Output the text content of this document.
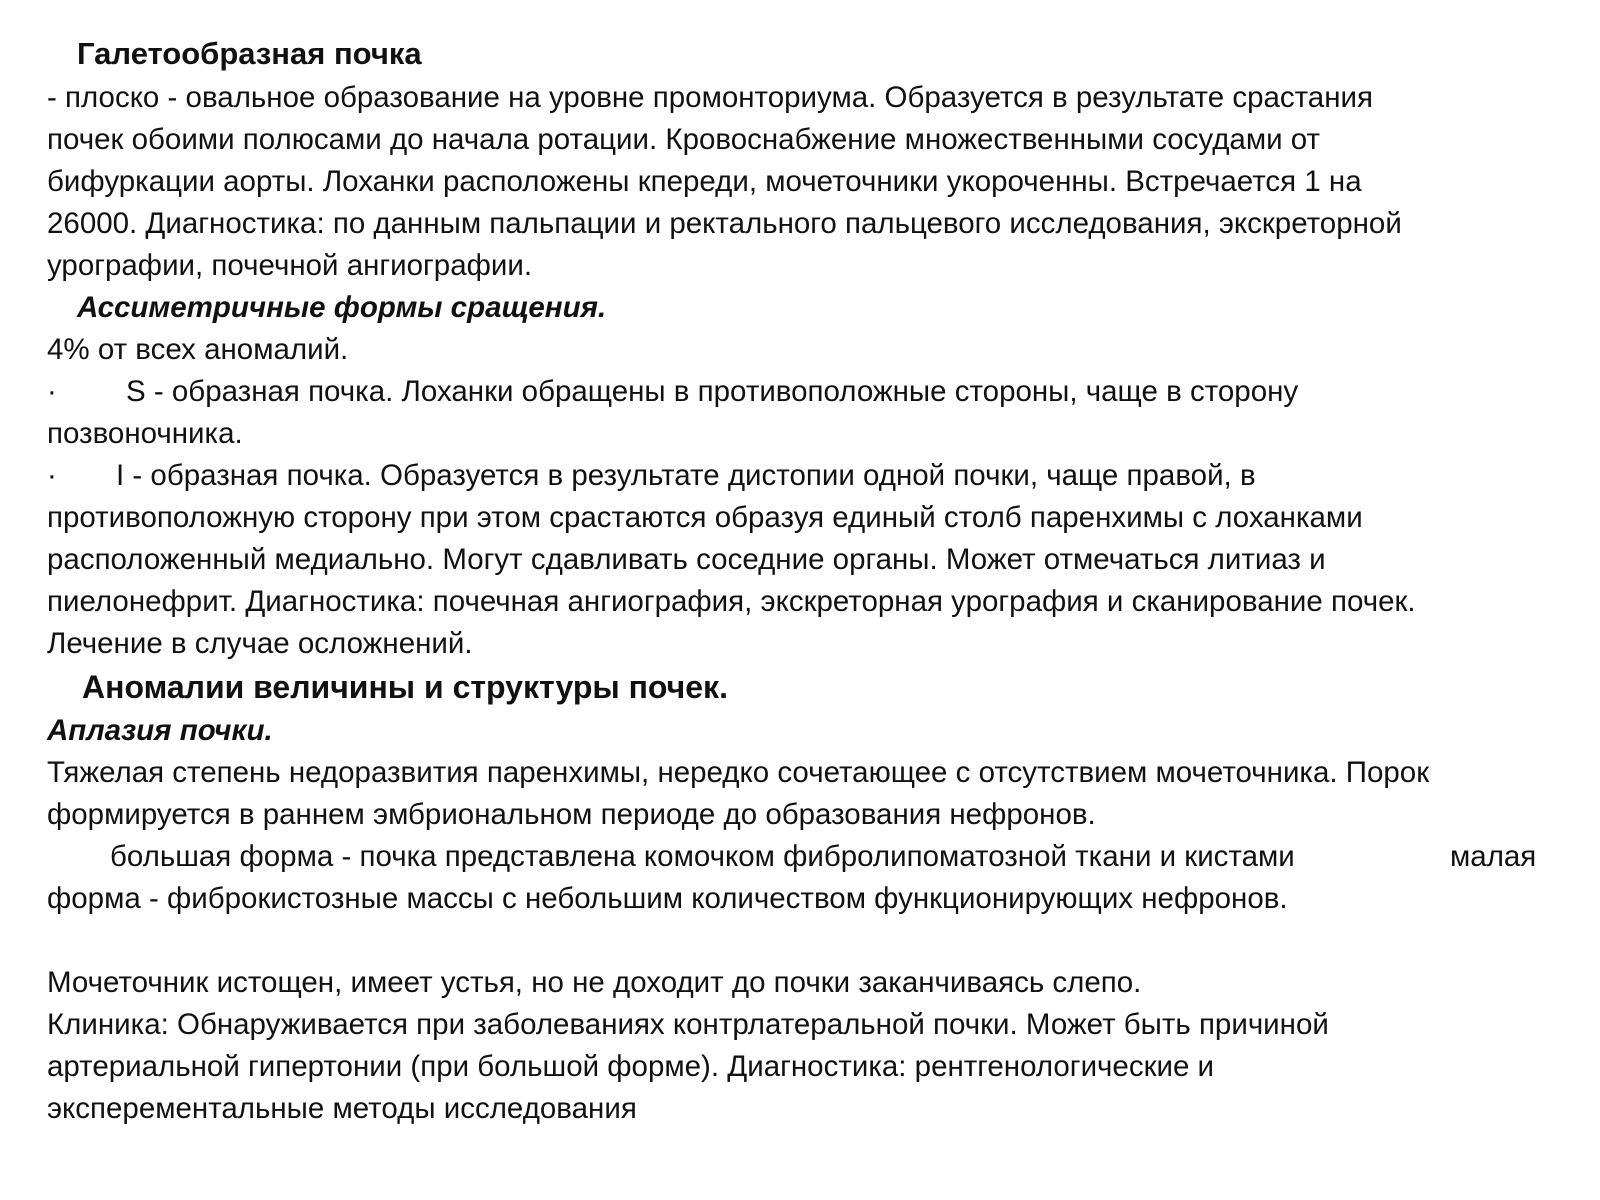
Галетообразная почка
- плоско - овальное образование на уровне промонториума. Образуется в результате срастания
почек обоими полюсами до начала ротации. Кровоснабжение множественными сосудами от
бифуркации аорты. Лоханки расположены кпереди, мочеточники укороченны. Встречается 1 на
26000. Диагностика: по данным пальпации и ректального пальцевого исследования, экскреторной
урографии, почечной ангиографии.
Ассиметричные формы сращения.
4% от всех аномалий.
· S - образная почка. Лоханки обращены в противоположные стороны, чаще в сторону
позвоночника.
· I - образная почка. Образуется в результате дистопии одной почки, чаще правой, в
противоположную сторону при этом срастаются образуя единый столб паренхимы с лоханками
расположенный медиально. Могут сдавливать соседние органы. Может отмечаться литиаз и
пиелонефрит. Диагностика: почечная ангиография, экскреторная урография и сканирование почек.
Лечение в случае осложнений.
Аномалии величины и структуры почек.
Аплазия почки.
Тяжелая степень недоразвития паренхимы, нередко сочетающее с отсутствием мочеточника. Порок
формируется в раннем эмбриональном периоде до образования нефронов.
большая форма - почка представлена комочком фибролипоматозной ткани и кистами	малая
форма - фиброкистозные массы с небольшим количеством функционирующих нефронов.
Мочеточник истощен, имеет устья, но не доходит до почки заканчиваясь слепо.
Клиника: Обнаруживается при заболеваниях контрлатеральной почки. Может быть причиной
артериальной гипертонии (при большой форме). Диагностика: рентгенологические и
эксперементальные методы исследования
